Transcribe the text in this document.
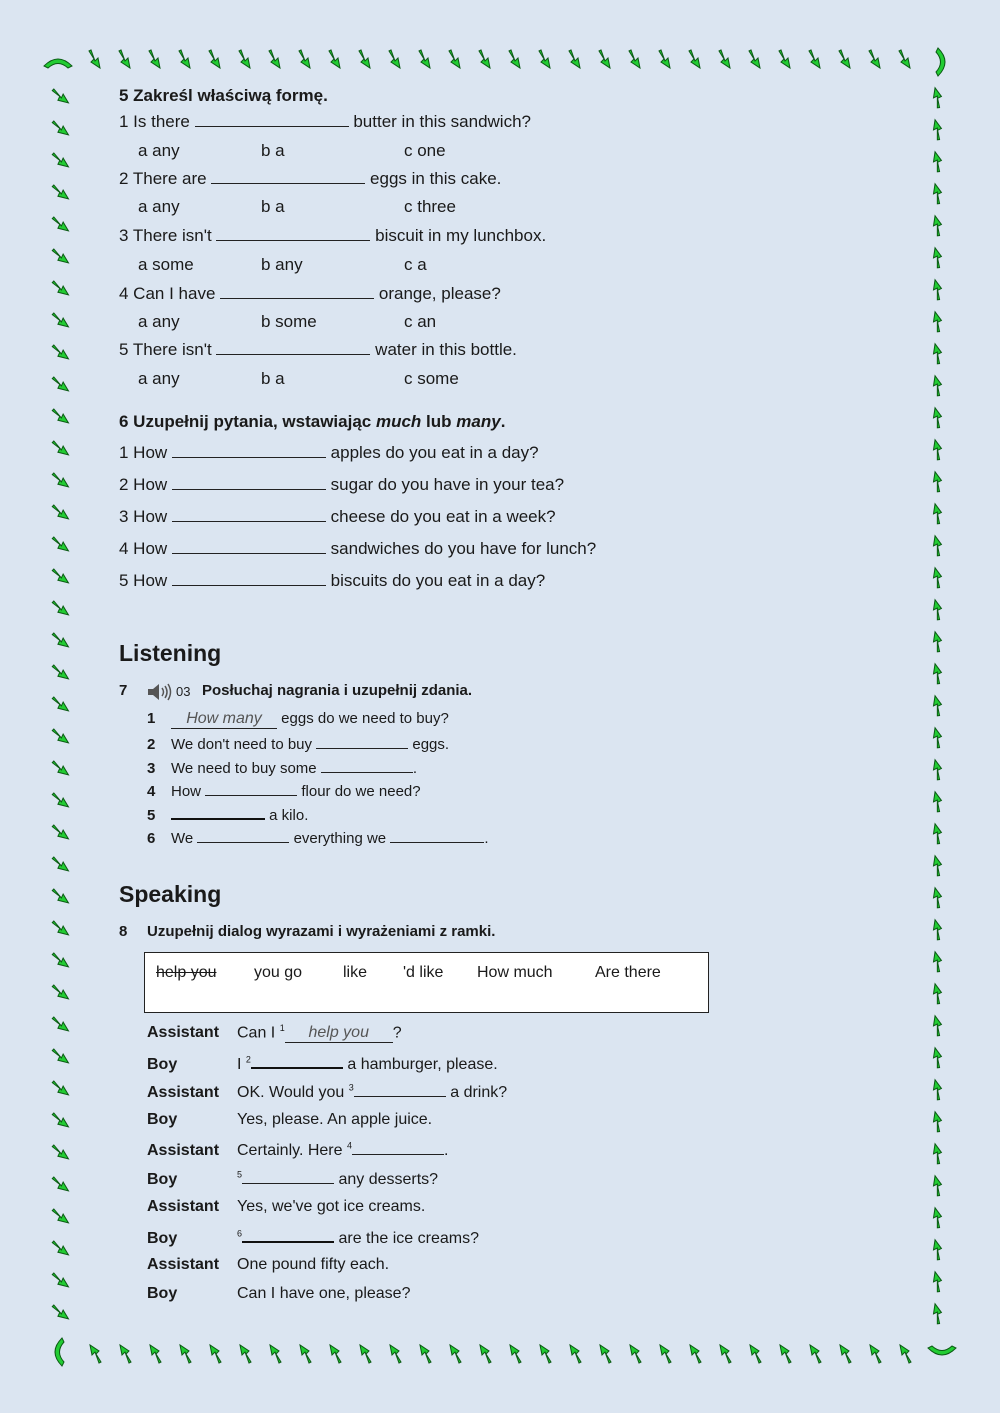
5 Zakreśl właściwą formę.
1 Is there	butter in this sandwich?
a any	b a	c one
2 There are	eggs in this cake.
a any	b a	c three
3 There isn't	biscuit in my lunchbox.
a some	b any	c a
4 Can I have	orange, please?
a any	b some	c an
5 There isn't	water in this bottle.
a any	b a	c some
6 Uzupełnij pytania, wstawiając much lub many.
1 How	apples do you eat in a day?
2 How	sugar do you have in your tea?
3 How	cheese do you eat in a week?
4 How	sandwiches do you have for lunch?
5 How	biscuits do you eat in a day?
Listening
7	03 Posłuchaj nagrania i uzupełnij zdania.
1 How many eggs do we need to buy?
2 We don't need to buy	eggs.
3 We need to buy some	.
4 How	flour do we need?
5	a kilo.
6 We	everything we	.
Speaking
8 Uzupełnij dialog wyrazami i wyrażeniami z ramki.
help you you go	like 'd like How much	Are there
Assistant Can I $^1$ help you ?
Boy	I $^2$	a hamburger, please.
Assistant OK. Would you $^3$	a drink?
Boy	Yes, please. An apple juice.
Assistant Certainly. Here $^4$	.
Boy	$^5$	any desserts?
Assistant Yes, we've got ice creams.
Boy	$^6$	are the ice creams?
Assistant One pound fifty each.
Boy	Can I have one, please?
